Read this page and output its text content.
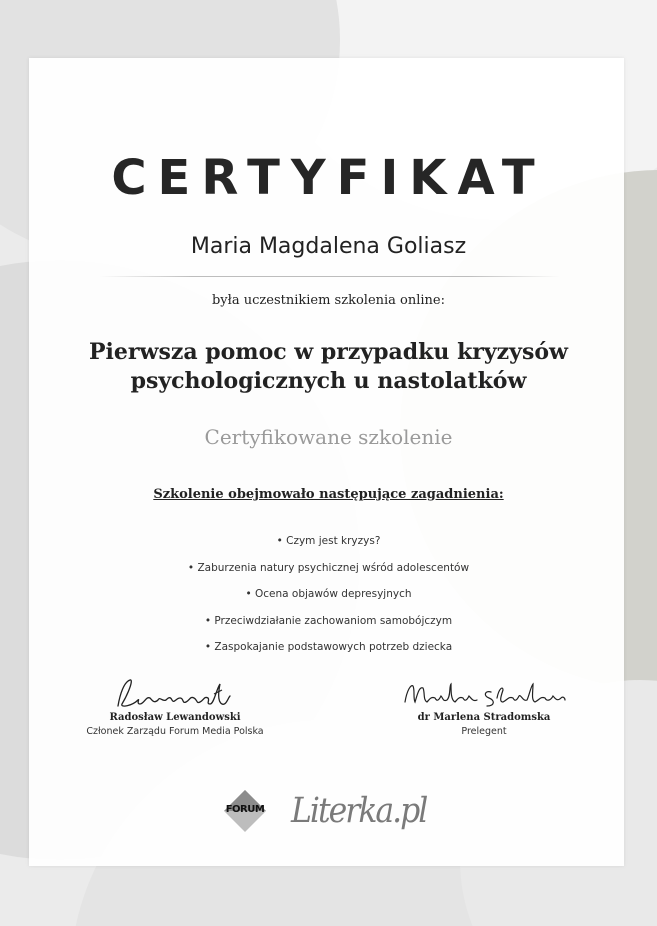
CERTYFIKAT
Maria Magdalena Goliasz
była uczestnikiem szkolenia online:
Pierwsza pomoc w przypadku kryzysów psychologicznych u nastolatków
Certyfikowane szkolenie
Szkolenie obejmowało następujące zagadnienia:
• Czym jest kryzys?
• Zaburzenia natury psychicznej wśród adolescentów
• Ocena objawów depresyjnych
• Przeciwdziałanie zachowaniom samobójczym
• Zaspokajanie podstawowych potrzeb dziecka
Radosław Lewandowski
Członek Zarządu Forum Media Polska
dr Marlena Stradomska
Prelegent
FORUM Literka.pl
